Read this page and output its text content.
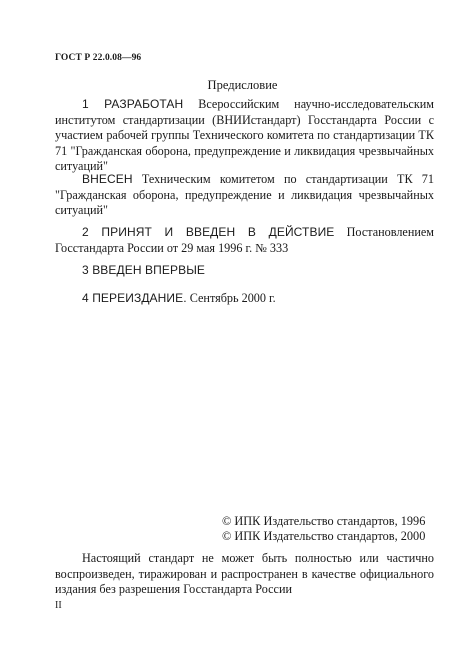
ГОСТ Р 22.0.08—96
Предисловие
1 РАЗРАБОТАН Всероссийским научно-исследовательским институтом стандартизации (ВНИИстандарт) Госстандарта России с участием рабочей группы Технического комитета по стандартизации ТК 71 "Гражданская оборона, предупреждение и ликвидация чрезвычайных ситуаций"
ВНЕСЕН Техническим комитетом по стандартизации ТК 71 "Гражданская оборона, предупреждение и ликвидация чрезвычайных ситуаций"
2 ПРИНЯТ И ВВЕДЕН В ДЕЙСТВИЕ Постановлением Госстандарта России от 29 мая 1996 г. № 333
3 ВВЕДЕН ВПЕРВЫЕ
4 ПЕРЕИЗДАНИЕ. Сентябрь 2000 г.
© ИПК Издательство стандартов, 1996
© ИПК Издательство стандартов, 2000
Настоящий стандарт не может быть полностью или частично воспроизведен, тиражирован и распространен в качестве официального издания без разрешения Госстандарта России
II
